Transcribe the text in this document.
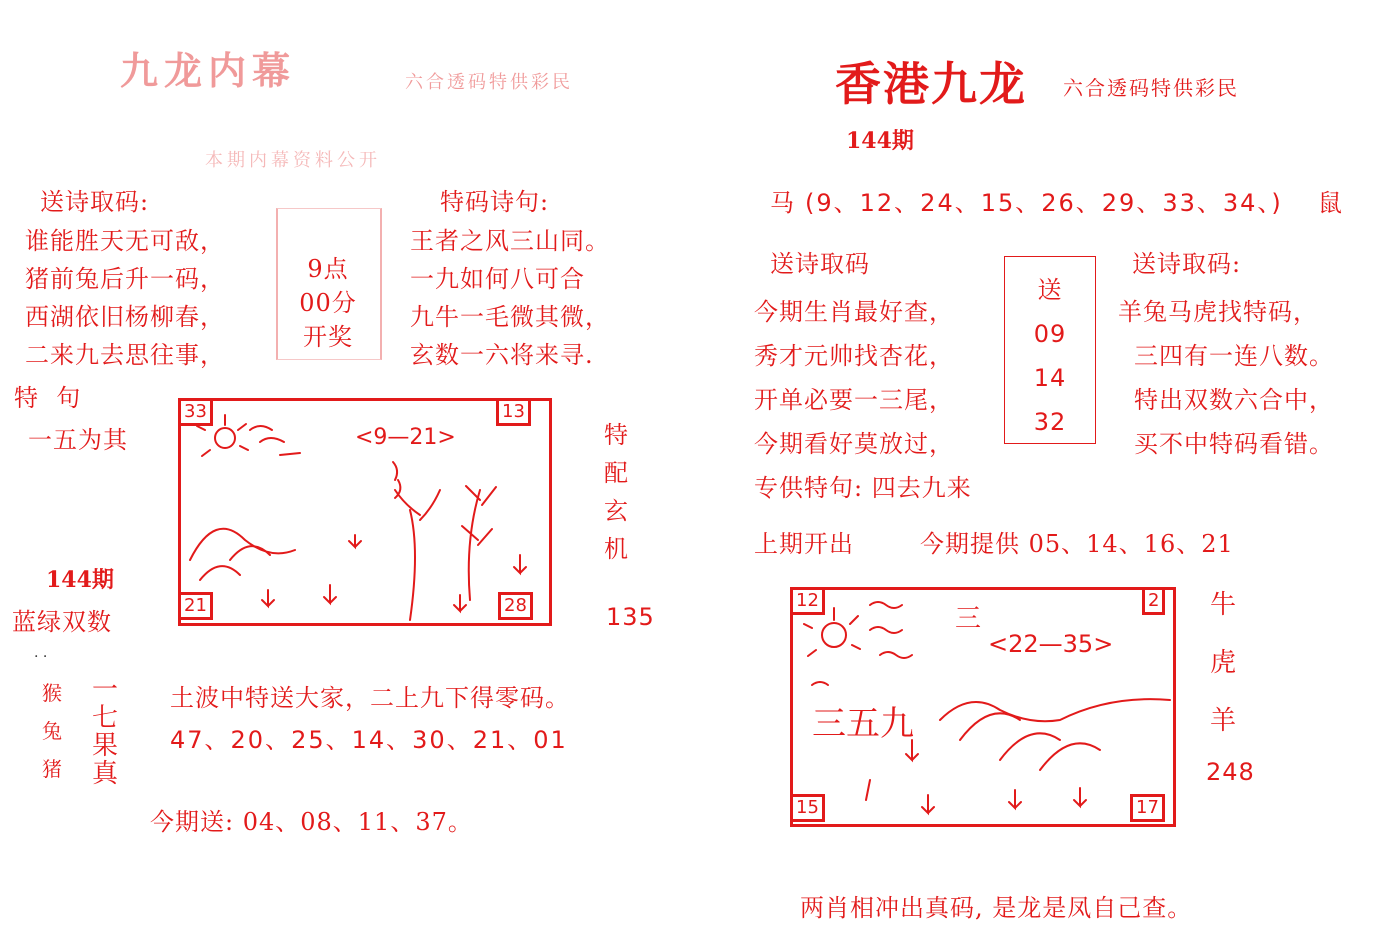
九龙内幕	六合透码特供彩民
本期内幕资料公开
送诗取码:	特码诗句:
谁能胜天无可敌，
猪前兔后升一码，
西湖依旧杨柳春，
二来九去思往事，
9点
00分
开奖
王者之风三山同。
一九如何八可合
九牛一毛微其微，
玄数一六将来寻.
特  句
一五为其
33	13
21	28
<9—21>
144期
蓝绿双数
. .
特
配
玄
机
135
猴
兔
猪
一
七
果
真
土波中特送大家，二上九下得零码。
47、20、25、14、30、21、01
今期送: 04、08、11、37。
香港九龙 六合透码特供彩民
144期
马 (9、12、24、15、26、29、33、34、) 鼠
送诗取码	送诗取码:
今期生肖最好查，
秀才元帅找杏花，
开单必要一三尾，
今期看好莫放过，
送
09
14
32
羊兔马虎找特码，
三四有一连八数。
特出双数六合中，
买不中特码看错。
专供特句: 四去九来
上期开出	今期提供 05、14、16、21
12	2
15	17
<22—35>
三
三五九
牛
虎
羊
248
两肖相冲出真码, 是龙是凤自己查。
